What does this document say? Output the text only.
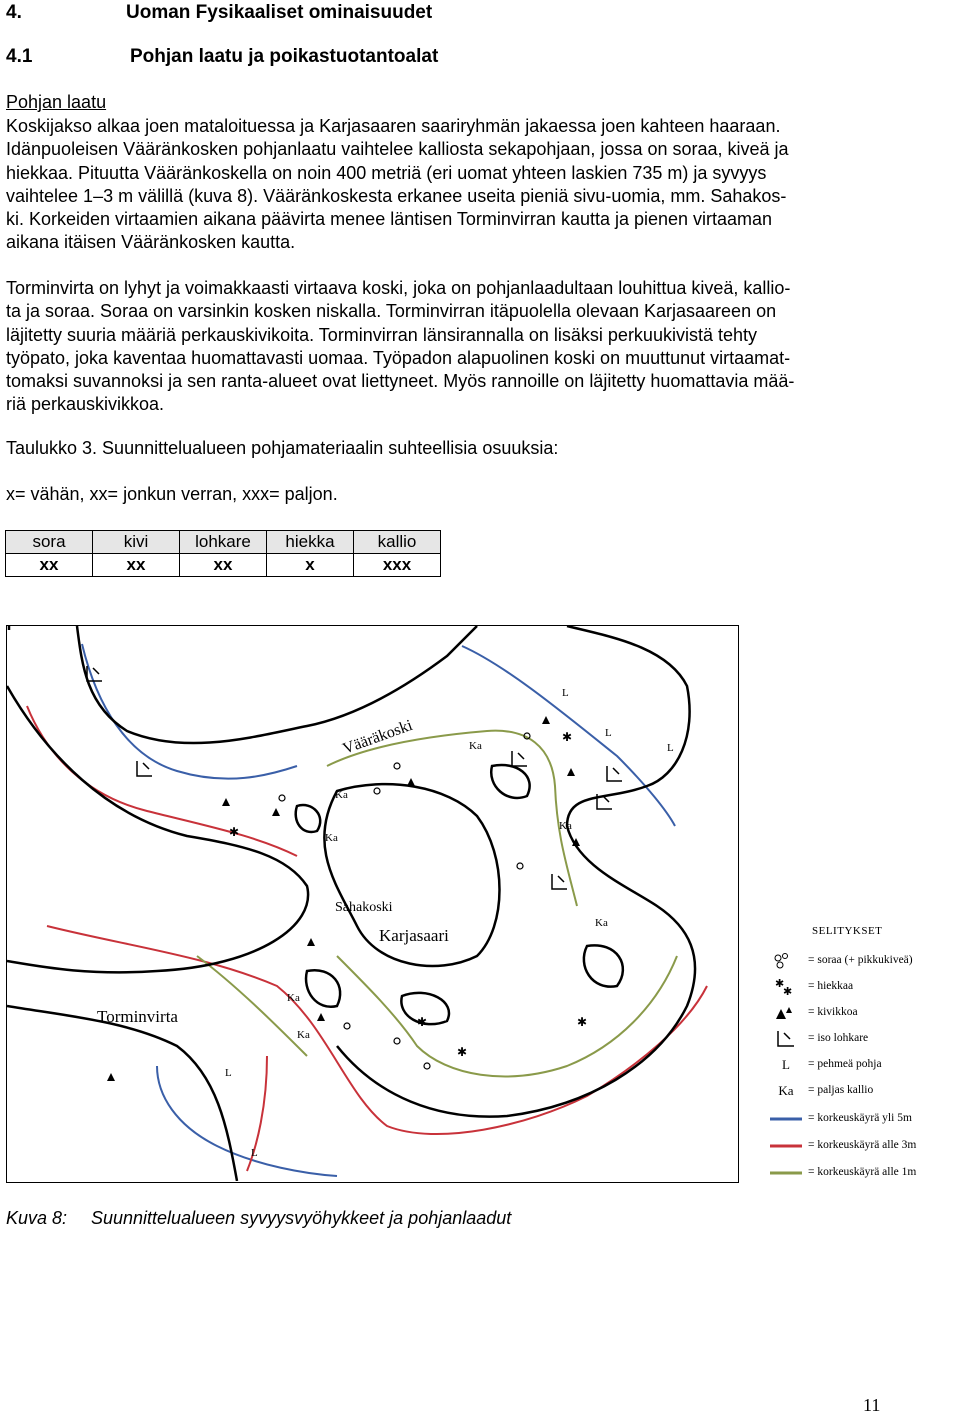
4.	Uoman Fysikaaliset ominaisuudet
4.1	Pohjan laatu ja poikastuotantoalat
Pohjan laatu
Koskijakso alkaa joen mataloituessa ja Karjasaaren saariryhmän jakaessa joen kahteen haaraan.
Idänpuoleisen Vääränkosken pohjanlaatu vaihtelee kalliosta sekapohjaan, jossa on soraa, kiveä ja
hiekkaa. Pituutta Vääränkoskella on noin 400 metriä (eri uomat yhteen laskien 735 m) ja syvyys
vaihtelee 1–3 m välillä (kuva 8). Vääränkoskesta erkanee useita pieniä sivu-uomia, mm. Sahakos-
ki. Korkeiden virtaamien aikana päävirta menee läntisen Torminvirran kautta ja pienen virtaaman
aikana itäisen Vääränkosken kautta.
Torminvirta on lyhyt ja voimakkaasti virtaava koski, joka on pohjanlaadultaan louhittua kiveä, kallio-
ta ja soraa. Soraa on varsinkin kosken niskalla. Torminvirran itäpuolella olevaan Karjasaareen on
läjitetty suuria määriä perkauskivikoita. Torminvirran länsirannalla on lisäksi perkuukivistä tehty
työpato, joka kaventaa huomattavasti uomaa. Työpadon alapuolinen koski on muuttunut virtaamat-
tomaksi suvannoksi ja sen ranta-alueet ovat liettyneet. Myös rannoille on läjitetty huomattavia mää-
riä perkauskivikkoa.
Taulukko 3. Suunnittelualueen pohjamateriaalin suhteellisia osuuksia:
x= vähän, xx= jonkun verran, xxx= paljon.
sora	kivi	lohkare	hiekka	kallio
xx	xx	xx	x	xxx
Vääräkoski
Sahakoski
Karjasaari
Torminvirta
Ka
Ka
Ka
Ka
Ka
Ka
Ka
L
L
L
L
L
✱
✱
✱
✱
✱
SELITYKSET
= soraa (+ pikkukiveä)
✱
✱ = hiekkaa
= kivikkoa
= iso lohkare
L	= pehmeä pohja
Ka	= paljas kallio
= korkeuskäyrä yli 5m
= korkeuskäyrä alle 3m
= korkeuskäyrä alle 1m
Kuva 8: Suunnittelualueen syvyysvyöhykkeet ja pohjanlaadut
11
